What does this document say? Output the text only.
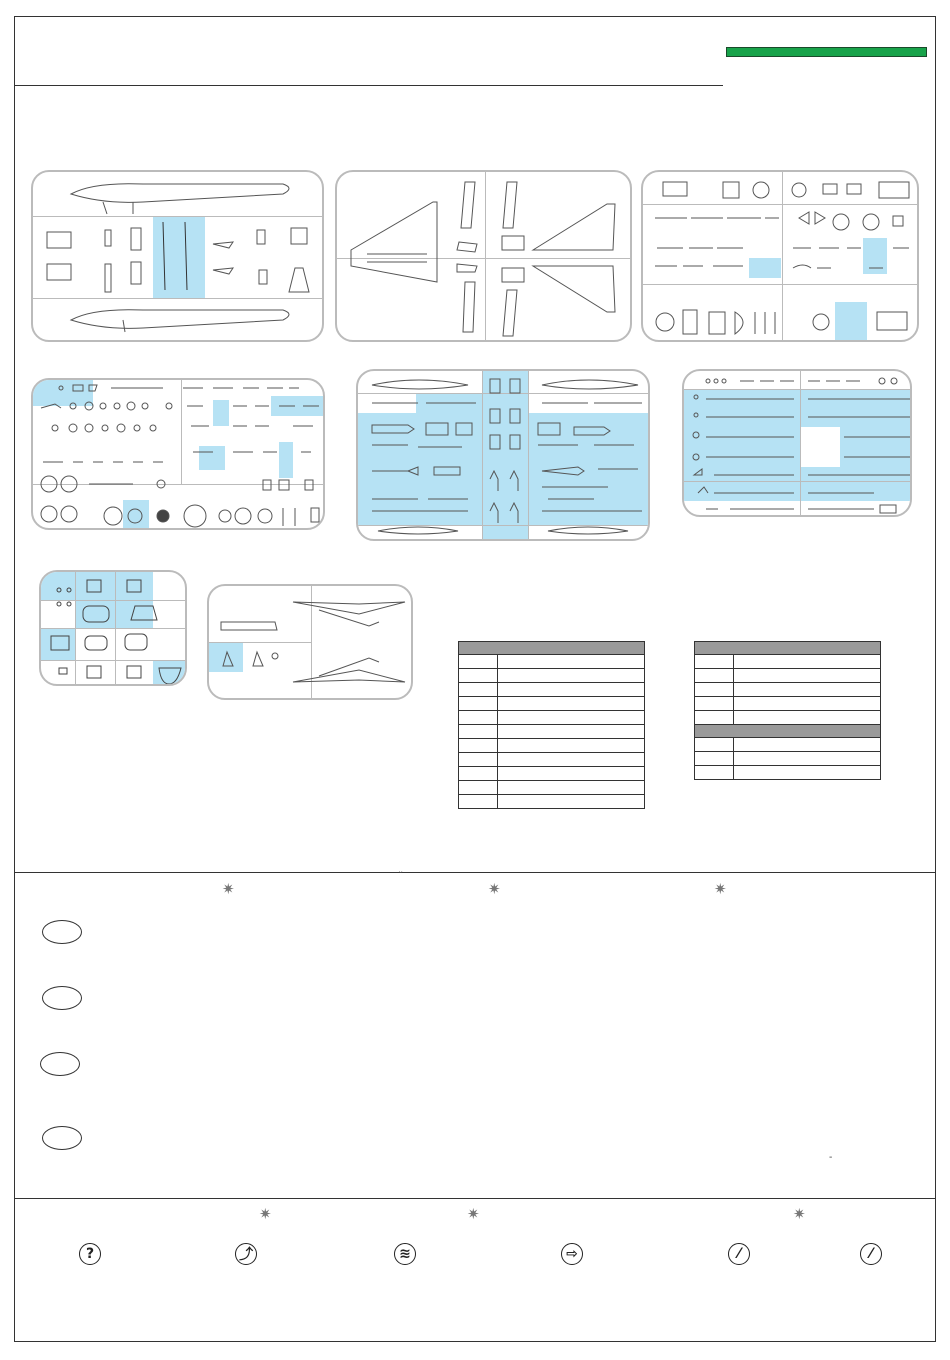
ˇ
✷	✷	✷
-
✷	✷	✷
?	⤴	≋	⇨	⁄	⁄
